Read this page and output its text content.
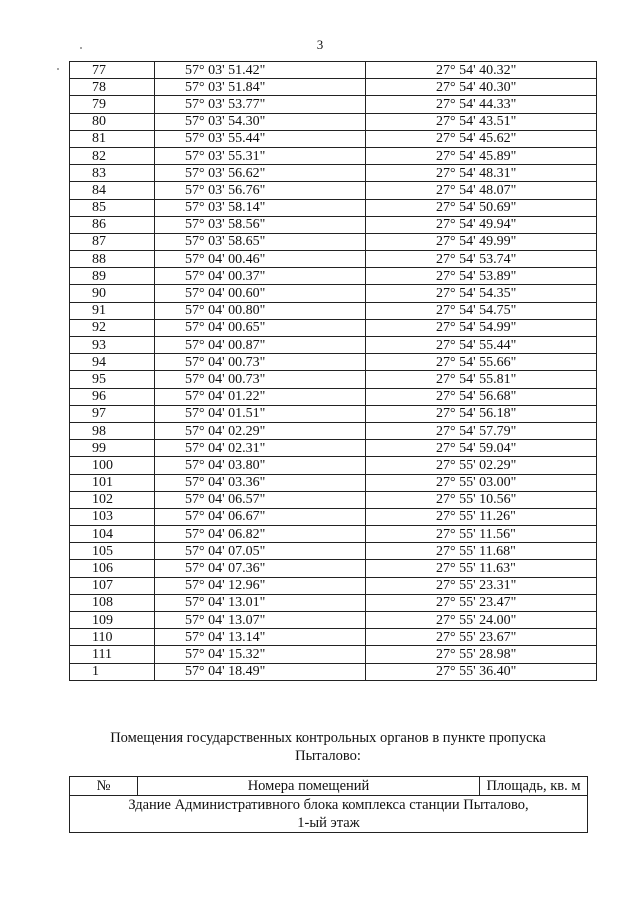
3
77	57° 03' 51.42"	27° 54' 40.32"
78	57° 03' 51.84"	27° 54' 40.30"
79	57° 03' 53.77"	27° 54' 44.33"
80	57° 03' 54.30"	27° 54' 43.51"
81	57° 03' 55.44"	27° 54' 45.62"
82	57° 03' 55.31"	27° 54' 45.89"
83	57° 03' 56.62"	27° 54' 48.31"
84	57° 03' 56.76"	27° 54' 48.07"
85	57° 03' 58.14"	27° 54' 50.69"
86	57° 03' 58.56"	27° 54' 49.94"
87	57° 03' 58.65"	27° 54' 49.99"
88	57° 04' 00.46"	27° 54' 53.74"
89	57° 04' 00.37"	27° 54' 53.89"
90	57° 04' 00.60"	27° 54' 54.35"
91	57° 04' 00.80"	27° 54' 54.75"
92	57° 04' 00.65"	27° 54' 54.99"
93	57° 04' 00.87"	27° 54' 55.44"
94	57° 04' 00.73"	27° 54' 55.66"
95	57° 04' 00.73"	27° 54' 55.81"
96	57° 04' 01.22"	27° 54' 56.68"
97	57° 04' 01.51"	27° 54' 56.18"
98	57° 04' 02.29"	27° 54' 57.79"
99	57° 04' 02.31"	27° 54' 59.04"
100	57° 04' 03.80"	27° 55' 02.29"
101	57° 04' 03.36"	27° 55' 03.00"
102	57° 04' 06.57"	27° 55' 10.56"
103	57° 04' 06.67"	27° 55' 11.26"
104	57° 04' 06.82"	27° 55' 11.56"
105	57° 04' 07.05"	27° 55' 11.68"
106	57° 04' 07.36"	27° 55' 11.63"
107	57° 04' 12.96"	27° 55' 23.31"
108	57° 04' 13.01"	27° 55' 23.47"
109	57° 04' 13.07"	27° 55' 24.00"
110	57° 04' 13.14"	27° 55' 23.67"
111	57° 04' 15.32"	27° 55' 28.98"
1	57° 04' 18.49"	27° 55' 36.40"
Помещения государственных контрольных органов в пункте пропуска
Пыталово:
№	Номера помещений	Площадь, кв. м

Здание Административного блока комплекса станции Пыталово,
1-ый этаж
